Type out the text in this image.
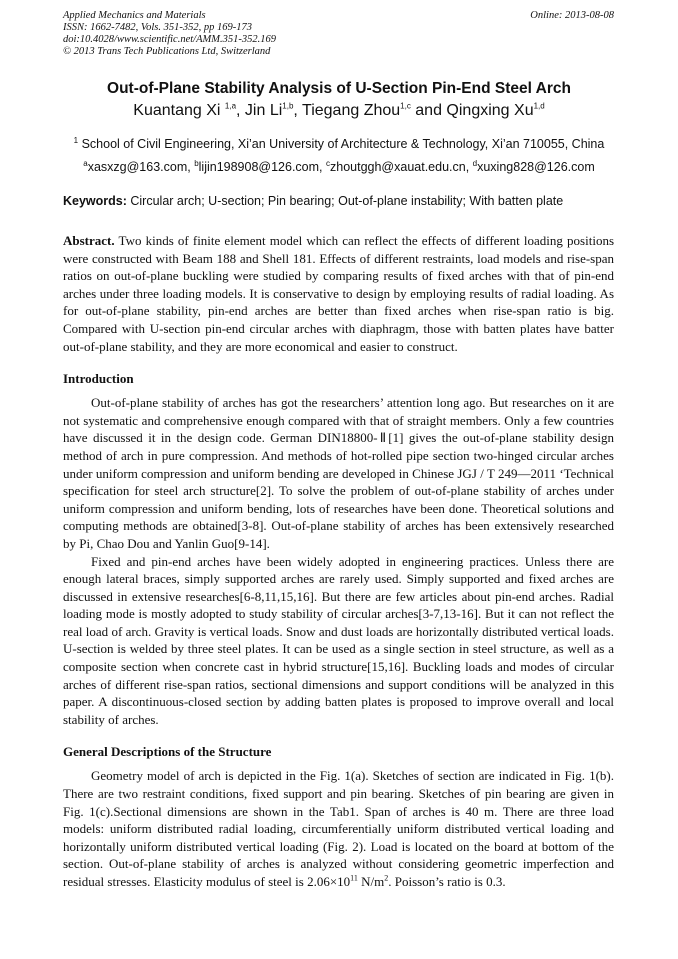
Applied Mechanics and Materials
ISSN: 1662-7482, Vols. 351-352, pp 169-173
doi:10.4028/www.scientific.net/AMM.351-352.169
© 2013 Trans Tech Publications Ltd, Switzerland
Online: 2013-08-08
Out-of-Plane Stability Analysis of U-Section Pin-End Steel Arch
Kuantang Xi $^{1,a}$, Jin Li$^{1,b}$, Tiegang Zhou$^{1,c}$ and Qingxing Xu$^{1,d}$
$^1$ School of Civil Engineering, Xi’an University of Architecture & Technology, Xi’an 710055, China
$^a$xasxzg@163.com, $^b$lijin198908@126.com, $^c$zhoutggh@xauat.edu.cn, $^d$xuxing828@126.com
Keywords: Circular arch; U-section; Pin bearing; Out-of-plane instability; With batten plate

Abstract. Two kinds of finite element model which can reflect the effects of different loading positions were constructed with Beam 188 and Shell 181. Effects of different restraints, load models and rise-span ratios on out-of-plane buckling were studied by comparing results of fixed arches with that of pin-end arches under three loading models. It is conservative to design by employing results of radial loading. As for out-of-plane stability, pin-end arches are better than fixed arches when rise-span ratio is big. Compared with U-section pin-end circular arches with diaphragm, those with batten plates have batter out-of-plane stability, and they are more economical and easier to construct.

Introduction

Out-of-plane stability of arches has got the researchers’ attention long ago. But researches on it are not systematic and comprehensive enough compared with that of straight members. Only a few countries have discussed it in the design code. German DIN18800-Ⅱ[1] gives the out-of-plane stability design method of arch in pure compression. And methods of hot-rolled pipe section two-hinged circular arches under uniform compression and uniform bending are developed in Chinese JGJ / T 249—2011 ‘Technical specification for steel arch structure[2]. To solve the problem of out-of-plane stability of arches under uniform compression and uniform bending, lots of researches have been done. Theoretical solutions and computing methods are obtained[3-8]. Out-of-plane stability of arches has been extensively researched by Pi, Chao Dou and Yanlin Guo[9-14].

Fixed and pin-end arches have been widely adopted in engineering practices. Unless there are enough lateral braces, simply supported arches are rarely used. Simply supported and fixed arches are discussed in extensive researches[6-8,11,15,16]. But there are few articles about pin-end arches. Radial loading mode is mostly adopted to study stability of circular arches[3-7,13-16]. But it can not reflect the real load of arch. Gravity is vertical loads. Snow and dust loads are horizontally distributed vertical loads. U-section is welded by three steel plates. It can be used as a single section in steel structure, as well as a composite section when concrete cast in hybrid structure[15,16]. Buckling loads and modes of circular arches of different rise-span ratios, sectional dimensions and support conditions will be analyzed in this paper. A discontinuous-closed section by adding batten plates is proposed to improve overall and local stability of arches.

General Descriptions of the Structure

Geometry model of arch is depicted in the Fig. 1(a). Sketches of section are indicated in Fig. 1(b). There are two restraint conditions, fixed support and pin bearing. Sketches of pin bearing are given in Fig. 1(c).Sectional dimensions are shown in the Tab1. Span of arches is 40 m. There are three load models: uniform distributed radial loading, circumferentially uniform distributed vertical loading and horizontally uniform distributed vertical loading (Fig. 2). Load is located on the board at bottom of the section. Out-of-plane stability of arches is analyzed without considering geometric imperfection and residual stresses. Elasticity modulus of steel is $2.06\times 10^{11}$ $N/m^2$. Poisson’s ratio is 0.3.
